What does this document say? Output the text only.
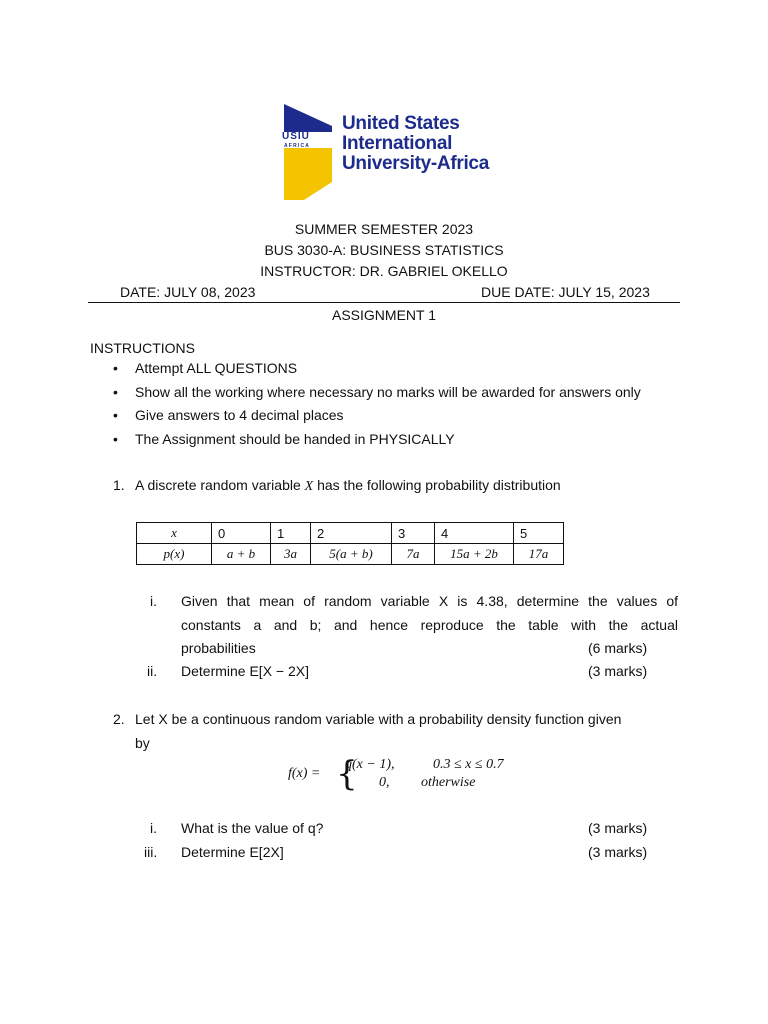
USIU
AFRICA
United States
International
University-Africa
SUMMER SEMESTER 2023
BUS 3030-A: BUSINESS STATISTICS
INSTRUCTOR: DR. GABRIEL OKELLO
DATE: JULY 08, 2023	DUE DATE: JULY 15, 2023
ASSIGNMENT 1
INSTRUCTIONS
• Attempt ALL QUESTIONS
• Show all the working where necessary no marks will be awarded for answers only
• Give answers to 4 decimal places
• The Assignment should be handed in PHYSICALLY
1. A discrete random variable X has the following probability distribution
x	0	1	2	3	4	5
p(x)	a + b	3a	5(a + b)	7a	15a + 2b	17a
i. Given that mean of random variable X is 4.38, determine the values of
constants a and b; and hence reproduce the table with the actual
probabilities	(6 marks)
ii. Determine E[X − 2X]	(3 marks)
2. Let X be a continuous random variable with a probability density function given
by
f(x) = {
q(x − 1),	0.3 ≤ x ≤ 0.7
0, otherwise
i. What is the value of q?	(3 marks)
iii. Determine E[2X]	(3 marks)
